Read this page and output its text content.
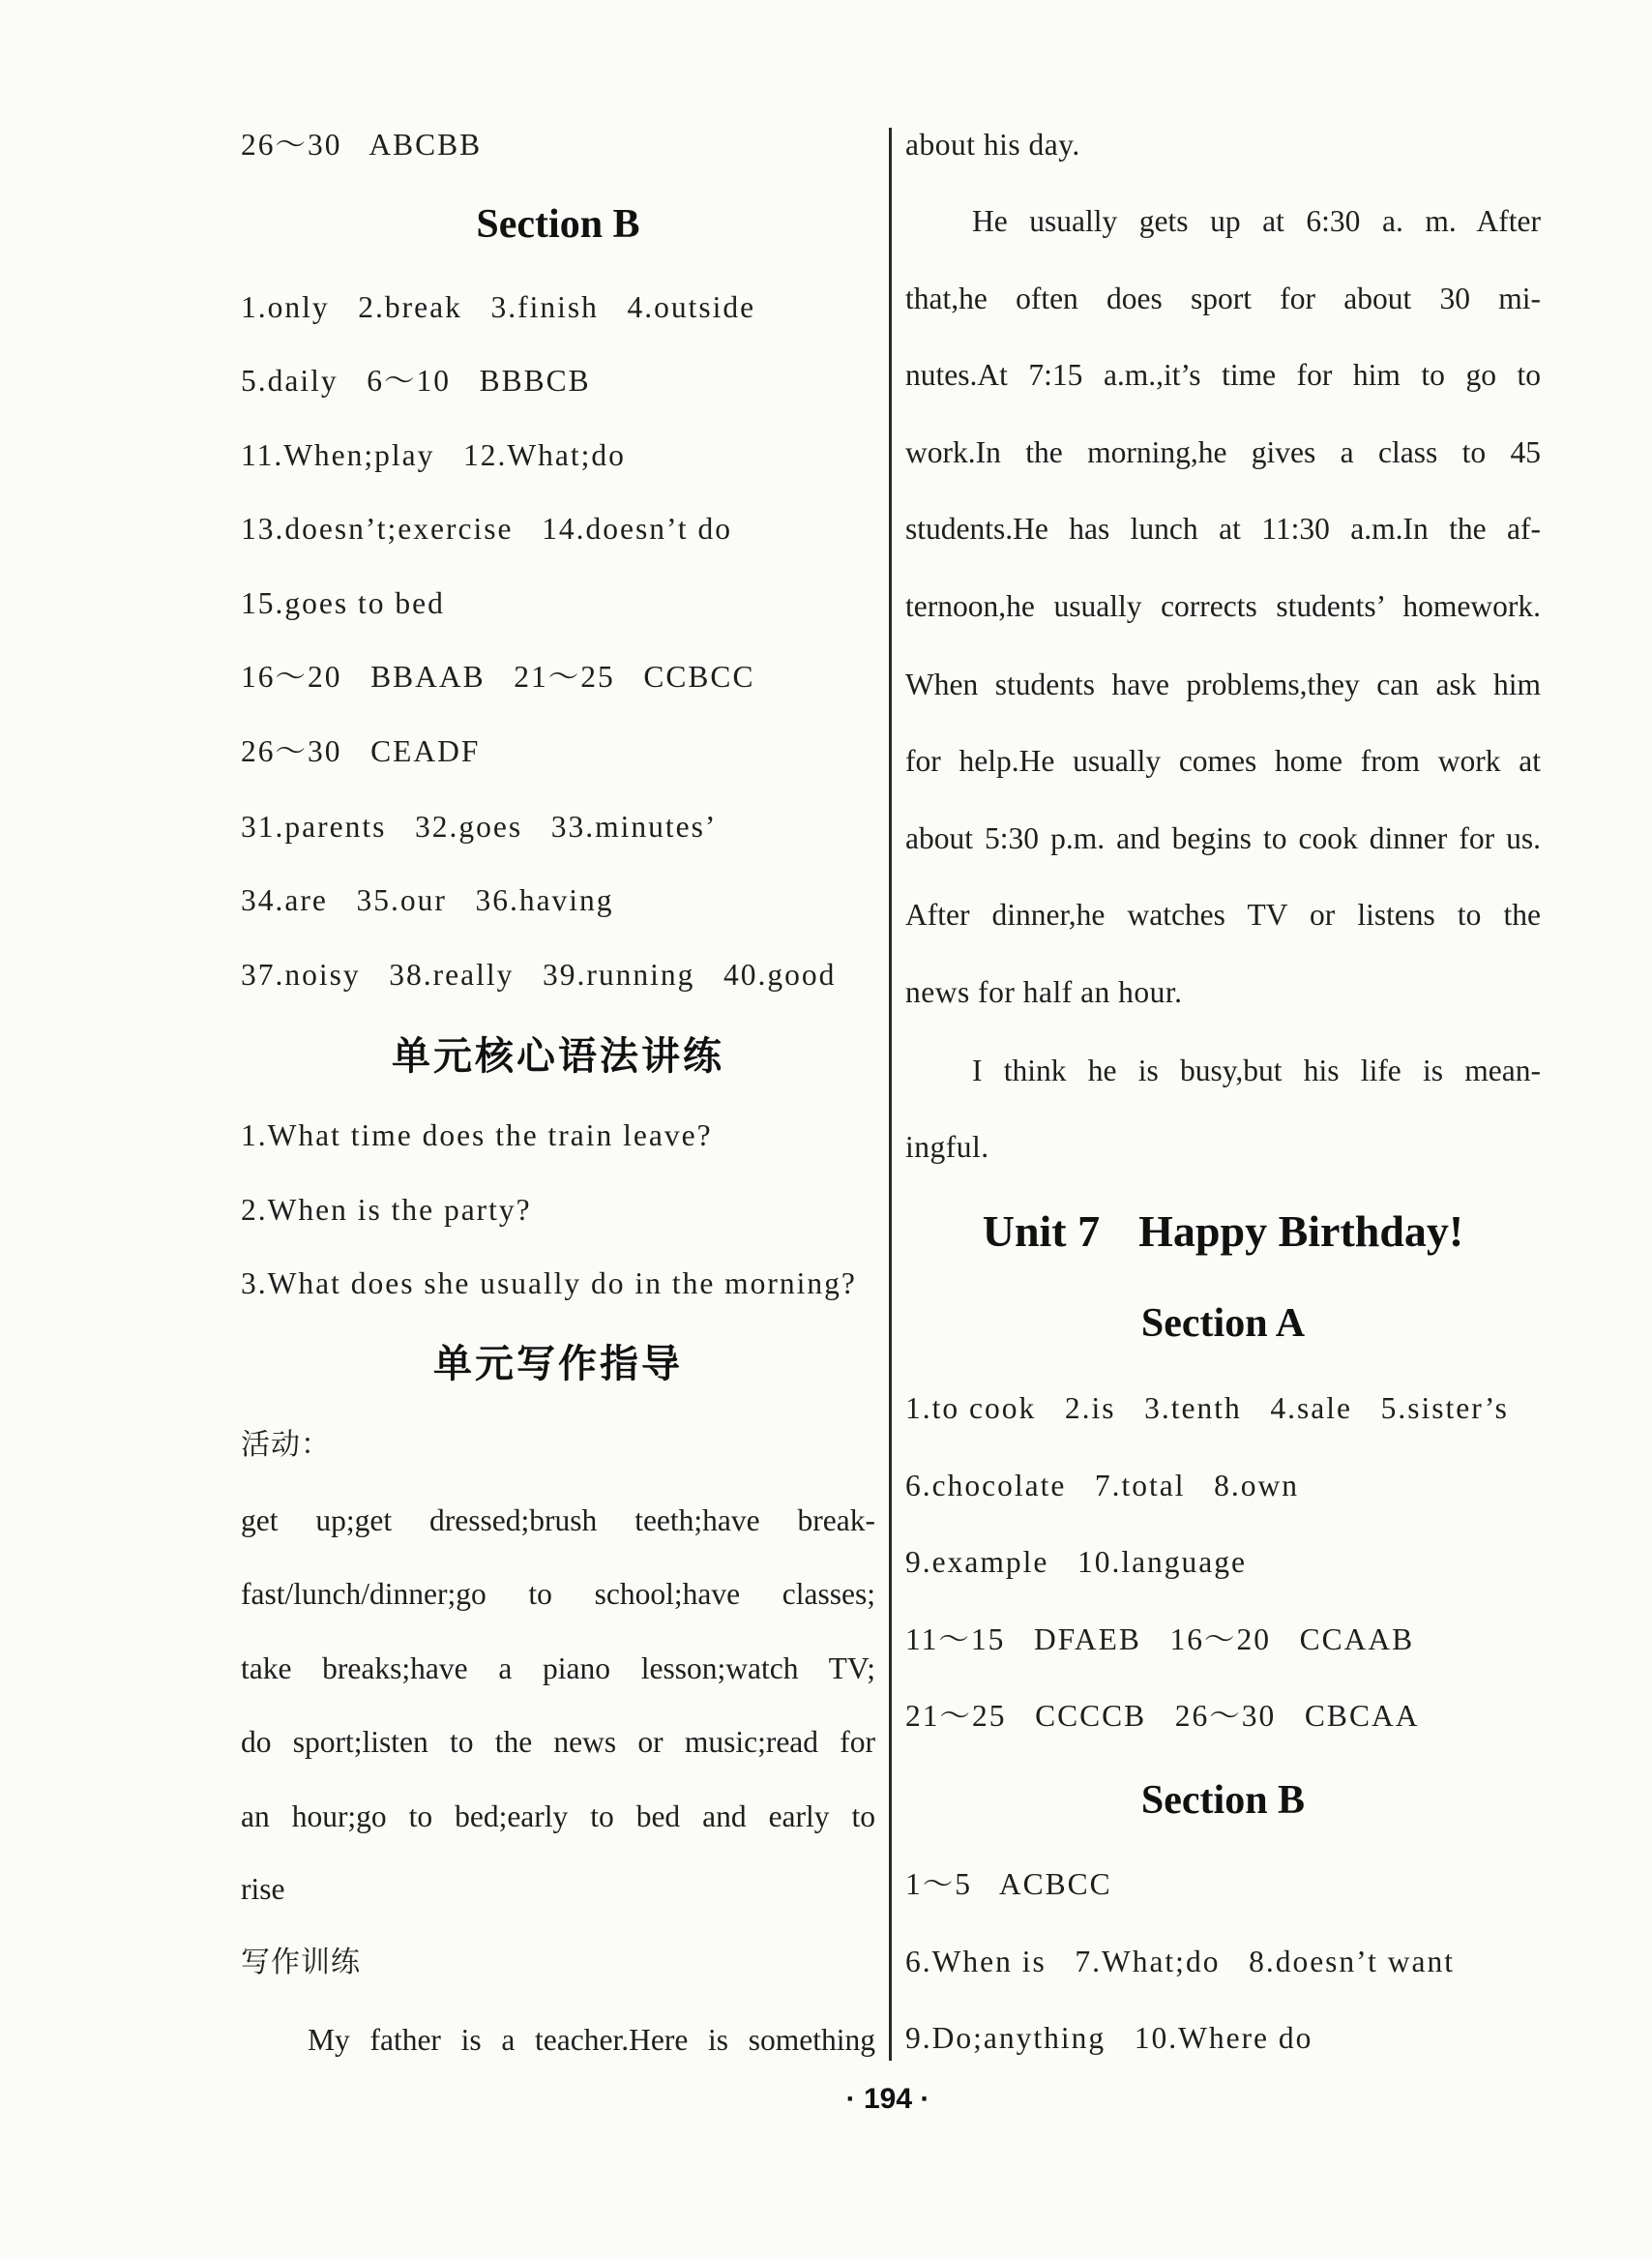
26～30   ABCBB
Section B
1.only   2.break   3.finish   4.outside
5.daily   6～10   BBBCB
11.When;play   12.What;do
13.doesn’t;exercise   14.doesn’t do
15.goes to bed
16～20   BBAAB   21～25   CCBCC
26～30   CEADF
31.parents   32.goes   33.minutes’
34.are   35.our   36.having
37.noisy   38.really   39.running   40.good
单元核心语法讲练
1.What time does the train leave?
2.When is the party?
3.What does she usually do in the morning?
单元写作指导
活动：
get up;get dressed;brush teeth;have break-
fast/lunch/dinner;go to school;have classes;
take breaks;have a piano lesson;watch TV;
do sport;listen to the news or music;read for
an hour;go to bed;early to bed and early to
rise
写作训练
My father is a teacher.Here is something
about his day.
He usually gets up at 6:30 a. m. After
that,he often does sport for about 30 mi-
nutes.At 7:15 a.m.,it’s time for him to go to
work.In the morning,he gives a class to 45
students.He has lunch at 11:30 a.m.In the af-
ternoon,he usually corrects students’ homework.
When students have problems,they can ask him
for help.He usually comes home from work at
about 5:30 p.m. and begins to cook dinner for us.
After dinner,he watches TV or listens to the
news for half an hour.
I think he is busy,but his life is mean-
ingful.
Unit 7 Happy Birthday!
Section A
1.to cook   2.is   3.tenth   4.sale   5.sister’s
6.chocolate   7.total   8.own
9.example   10.language
11～15   DFAEB   16～20   CCAAB
21～25   CCCCB   26～30   CBCAA
Section B
1～5   ACBCC
6.When is   7.What;do   8.doesn’t want
9.Do;anything   10.Where do
· 194 ·
